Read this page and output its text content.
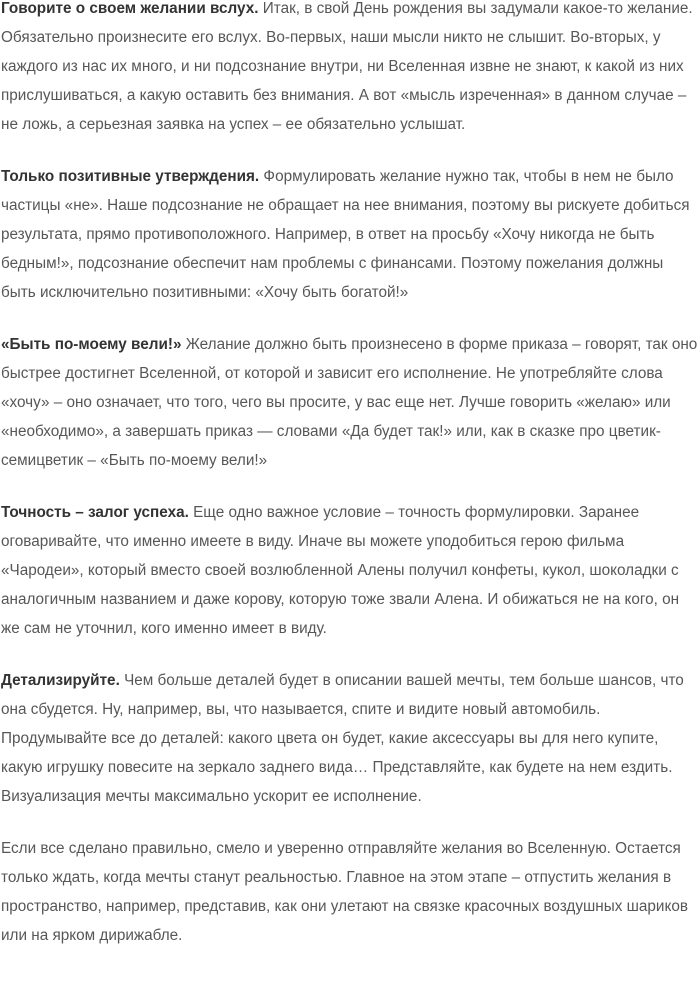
Говорите о своем желании вслух. Итак, в свой День рождения вы задумали какое-то желание. Обязательно произнесите его вслух. Во-первых, наши мысли никто не слышит. Во-вторых, у каждого из нас их много, и ни подсознание внутри, ни Вселенная извне не знают, к какой из них прислушиваться, а какую оставить без внимания. А вот «мысль изреченная» в данном случае – не ложь, а серьезная заявка на успех – ее обязательно услышат.

Только позитивные утверждения. Формулировать желание нужно так, чтобы в нем не было частицы «не». Наше подсознание не обращает на нее внимания, поэтому вы рискуете добиться результата, прямо противоположного. Например, в ответ на просьбу «Хочу никогда не быть бедным!», подсознание обеспечит нам проблемы с финансами. Поэтому пожелания должны быть исключительно позитивными: «Хочу быть богатой!»

«Быть по-моему вели!» Желание должно быть произнесено в форме приказа – говорят, так оно быстрее достигнет Вселенной, от которой и зависит его исполнение. Не употребляйте слова «хочу» – оно означает, что того, чего вы просите, у вас еще нет. Лучше говорить «желаю» или «необходимо», а завершать приказ — словами «Да будет так!» или, как в сказке про цветик-семицветик – «Быть по-моему вели!»

Точность – залог успеха. Еще одно важное условие – точность формулировки. Заранее оговаривайте, что именно имеете в виду. Иначе вы можете уподобиться герою фильма «Чародеи», который вместо своей возлюбленной Алены получил конфеты, кукол, шоколадки с аналогичным названием и даже корову, которую тоже звали Алена. И обижаться не на кого, он же сам не уточнил, кого именно имеет в виду.

Детализируйте. Чем больше деталей будет в описании вашей мечты, тем больше шансов, что она сбудется. Ну, например, вы, что называется, спите и видите новый автомобиль. Продумывайте все до деталей: какого цвета он будет, какие аксессуары вы для него купите, какую игрушку повесите на зеркало заднего вида… Представляйте, как будете на нем ездить. Визуализация мечты максимально ускорит ее исполнение.

Если все сделано правильно, смело и уверенно отправляйте желания во Вселенную. Остается только ждать, когда мечты станут реальностью. Главное на этом этапе – отпустить желания в пространство, например, представив, как они улетают на связке красочных воздушных шариков или на ярком дирижабле.
